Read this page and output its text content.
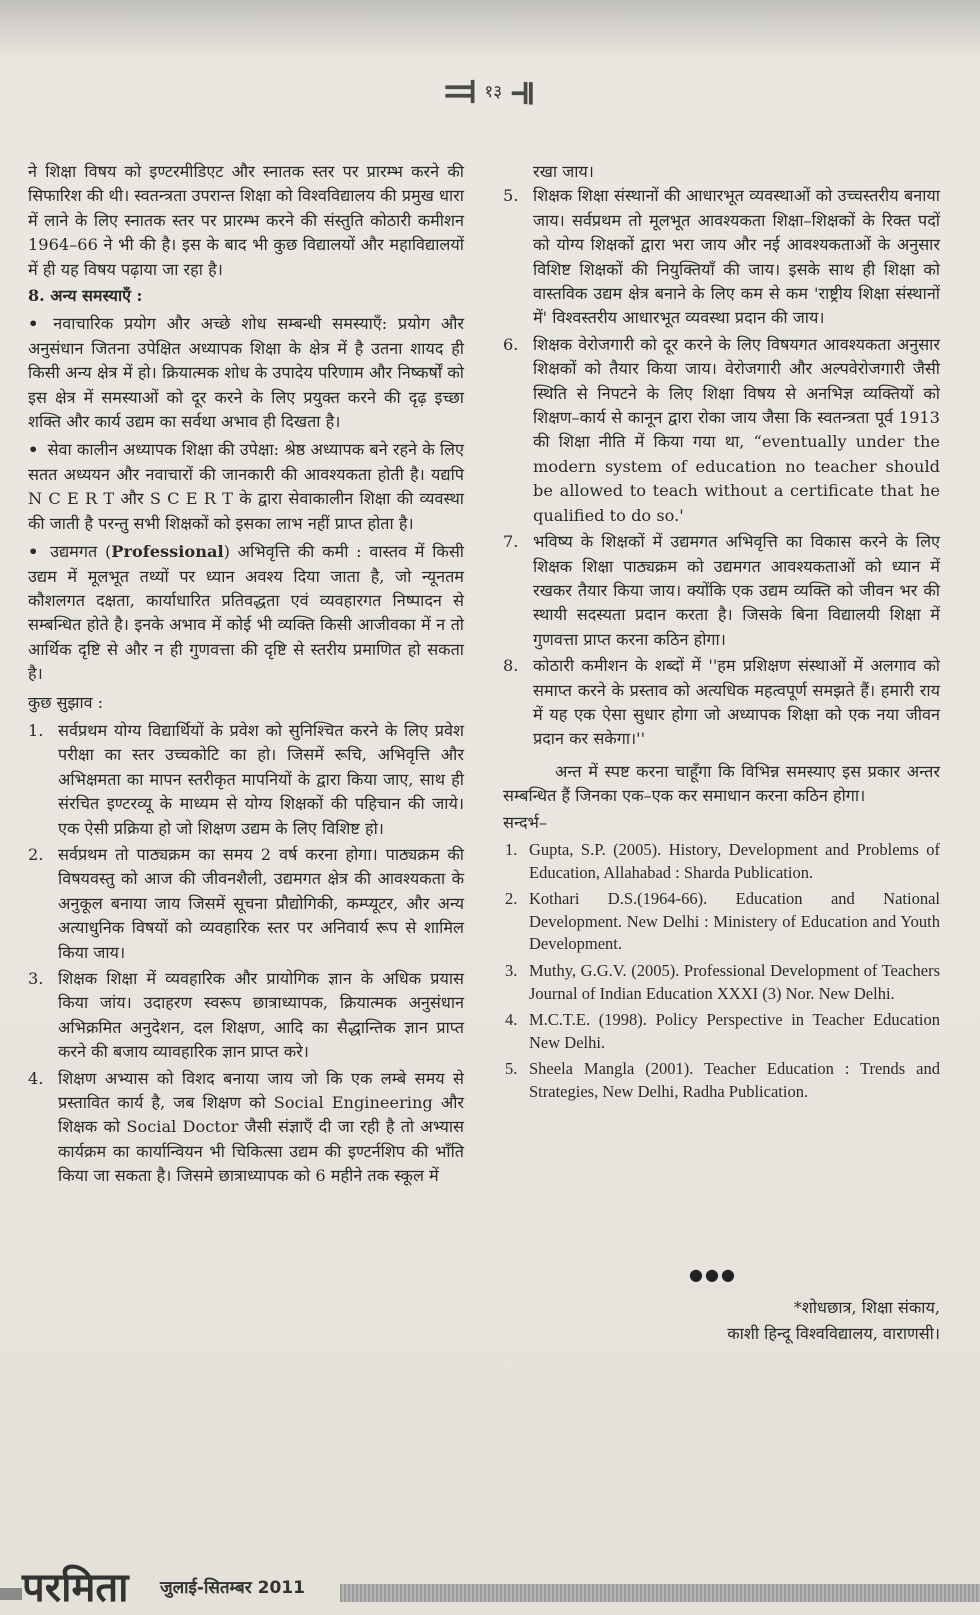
⫤ १३ ⫣

ने शिक्षा विषय को इण्टरमीडिएट और स्नातक स्तर पर प्रारम्भ करने की सिफारिश की थी। स्वतन्त्रता उपरान्त शिक्षा को विश्वविद्यालय की प्रमुख धारा में लाने के लिए स्नातक स्तर पर प्रारम्भ करने की संस्तुति कोठारी कमीशन 1964–66 ने भी की है। इस के बाद भी कुछ विद्यालयों और महाविद्यालयों में ही यह विषय पढ़ाया जा रहा है।

8. अन्य समस्याएँ :

• नवाचारिक प्रयोग और अच्छे शोध सम्बन्धी समस्याएँ: प्रयोग और अनुसंधान जितना उपेक्षित अध्यापक शिक्षा के क्षेत्र में है उतना शायद ही किसी अन्य क्षेत्र में हो। क्रियात्मक शोध के उपादेय परिणाम और निष्कर्षों को इस क्षेत्र में समस्याओं को दूर करने के लिए प्रयुक्त करने की दृढ़ इच्छा शक्ति और कार्य उद्यम का सर्वथा अभाव ही दिखता है।

• सेवा कालीन अध्यापक शिक्षा की उपेक्षा: श्रेष्ठ अध्यापक बने रहने के लिए सतत अध्ययन और नवाचारों की जानकारी की आवश्यकता होती है। यद्यपि N C E R T और S C E R T के द्वारा सेवाकालीन शिक्षा की व्यवस्था की जाती है परन्तु सभी शिक्षकों को इसका लाभ नहीं प्राप्त होता है।

• उद्यमगत (Professional) अभिवृत्ति की कमी : वास्तव में किसी उद्यम में मूलभूत तथ्यों पर ध्यान अवश्य दिया जाता है, जो न्यूनतम कौशलगत दक्षता, कार्याधारित प्रतिवद्धता एवं व्यवहारगत निष्पादन से सम्बन्धित होते है। इनके अभाव में कोई भी व्यक्ति किसी आजीवका में न तो आर्थिक दृष्टि से और न ही गुणवत्ता की दृष्टि से स्तरीय प्रमाणित हो सकता है।

कुछ सुझाव :
1. सर्वप्रथम योग्य विद्यार्थियों के प्रवेश को सुनिश्चित करने के लिए प्रवेश परीक्षा का स्तर उच्चकोटि का हो। जिसमें रूचि, अभिवृत्ति और अभिक्षमता का मापन स्तरीकृत मापनियों के द्वारा किया जाए, साथ ही संरचित इण्टरव्यू के माध्यम से योग्य शिक्षकों की पहिचान की जाये। एक ऐसी प्रक्रिया हो जो शिक्षण उद्यम के लिए विशिष्ट हो।
2. सर्वप्रथम तो पाठ्यक्रम का समय 2 वर्ष करना होगा। पाठ्यक्रम की विषयवस्तु को आज की जीवनशैली, उद्यमगत क्षेत्र की आवश्यकता के अनुकूल बनाया जाय जिसमें सूचना प्रौद्योगिकी, कम्प्यूटर, और अन्य अत्याधुनिक विषयों को व्यवहारिक स्तर पर अनिवार्य रूप से शामिल किया जाय।
3. शिक्षक शिक्षा में व्यवहारिक और प्रायोगिक ज्ञान के अधिक प्रयास किया जांय। उदाहरण स्वरूप छात्राध्यापक, क्रियात्मक अनुसंधान अभिक्रमित अनुदेशन, दल शिक्षण, आदि का सैद्धान्तिक ज्ञान प्राप्त करने की बजाय व्यावहारिक ज्ञान प्राप्त करे।
4. शिक्षण अभ्यास को विशद बनाया जाय जो कि एक लम्बे समय से प्रस्तावित कार्य है, जब शिक्षण को Social Engineering और शिक्षक को Social Doctor जैसी संज्ञाएँ दी जा रही है तो अभ्यास कार्यक्रम का कार्यान्वियन भी चिकित्सा उद्यम की इण्टर्नशिप की भाँति किया जा सकता है। जिसमे छात्राध्यापक को 6 महीने तक स्कूल में

रखा जाय।

5. शिक्षक शिक्षा संस्थानों की आधारभूत व्यवस्थाओं को उच्चस्तरीय बनाया जाय। सर्वप्रथम तो मूलभूत आवश्यकता शिक्षा–शिक्षकों के रिक्त पदों को योग्य शिक्षकों द्वारा भरा जाय और नई आवश्यकताओं के अनुसार विशिष्ट शिक्षकों की नियुक्तियाँ की जाय। इसके साथ ही शिक्षा को वास्तविक उद्यम क्षेत्र बनाने के लिए कम से कम 'राष्ट्रीय शिक्षा संस्थानों में' विश्वस्तरीय आधारभूत व्यवस्था प्रदान की जाय।
6. शिक्षक वेरोजगारी को दूर करने के लिए विषयगत आवश्यकता अनुसार शिक्षकों को तैयार किया जाय। वेरोजगारी और अल्पवेरोजगारी जैसी स्थिति से निपटने के लिए शिक्षा विषय से अनभिज्ञ व्यक्तियों को शिक्षण–कार्य से कानून द्वारा रोका जाय जैसा कि स्वतन्त्रता पूर्व 1913 की शिक्षा नीति में किया गया था, “eventually under the modern system of education no teacher should be allowed to teach without a certificate that he qualified to do so.'
7. भविष्य के शिक्षकों में उद्यमगत अभिवृत्ति का विकास करने के लिए शिक्षक शिक्षा पाठ्यक्रम को उद्यमगत आवश्यकताओं को ध्यान में रखकर तैयार किया जाय। क्योंकि एक उद्यम व्यक्ति को जीवन भर की स्थायी सदस्यता प्रदान करता है। जिसके बिना विद्यालयी शिक्षा में गुणवत्ता प्राप्त करना कठिन होगा।
8. कोठारी कमीशन के शब्दों में ''हम प्रशिक्षण संस्थाओं में अलगाव को समाप्त करने के प्रस्ताव को अत्यधिक महत्वपूर्ण समझते हैं। हमारी राय में यह एक ऐसा सुधार होगा जो अध्यापक शिक्षा को एक नया जीवन प्रदान कर सकेगा।''

अन्त में स्पष्ट करना चाहूँगा कि विभिन्न समस्याए इस प्रकार अन्तर सम्बन्धित हैं जिनका एक–एक कर समाधान करना कठिन होगा।

सन्दर्भ–
1. Gupta, S.P. (2005). History, Development and Problems of Education, Allahabad : Sharda Publication.
2. Kothari D.S.(1964-66). Education and National Development. New Delhi : Ministery of Education and Youth Development.
3. Muthy, G.G.V. (2005). Professional Development of Teachers Journal of Indian Education XXXI (3) Nor. New Delhi.
4. M.C.T.E. (1998). Policy Perspective in Teacher Education New Delhi.
5. Sheela Mangla (2001). Teacher Education : Trends and Strategies, New Delhi, Radha Publication.
●●●
*शोधछात्र, शिक्षा संकाय,
काशी हिन्दू विश्वविद्यालय, वाराणसी।
परमिता जुलाई-सितम्बर 2011
